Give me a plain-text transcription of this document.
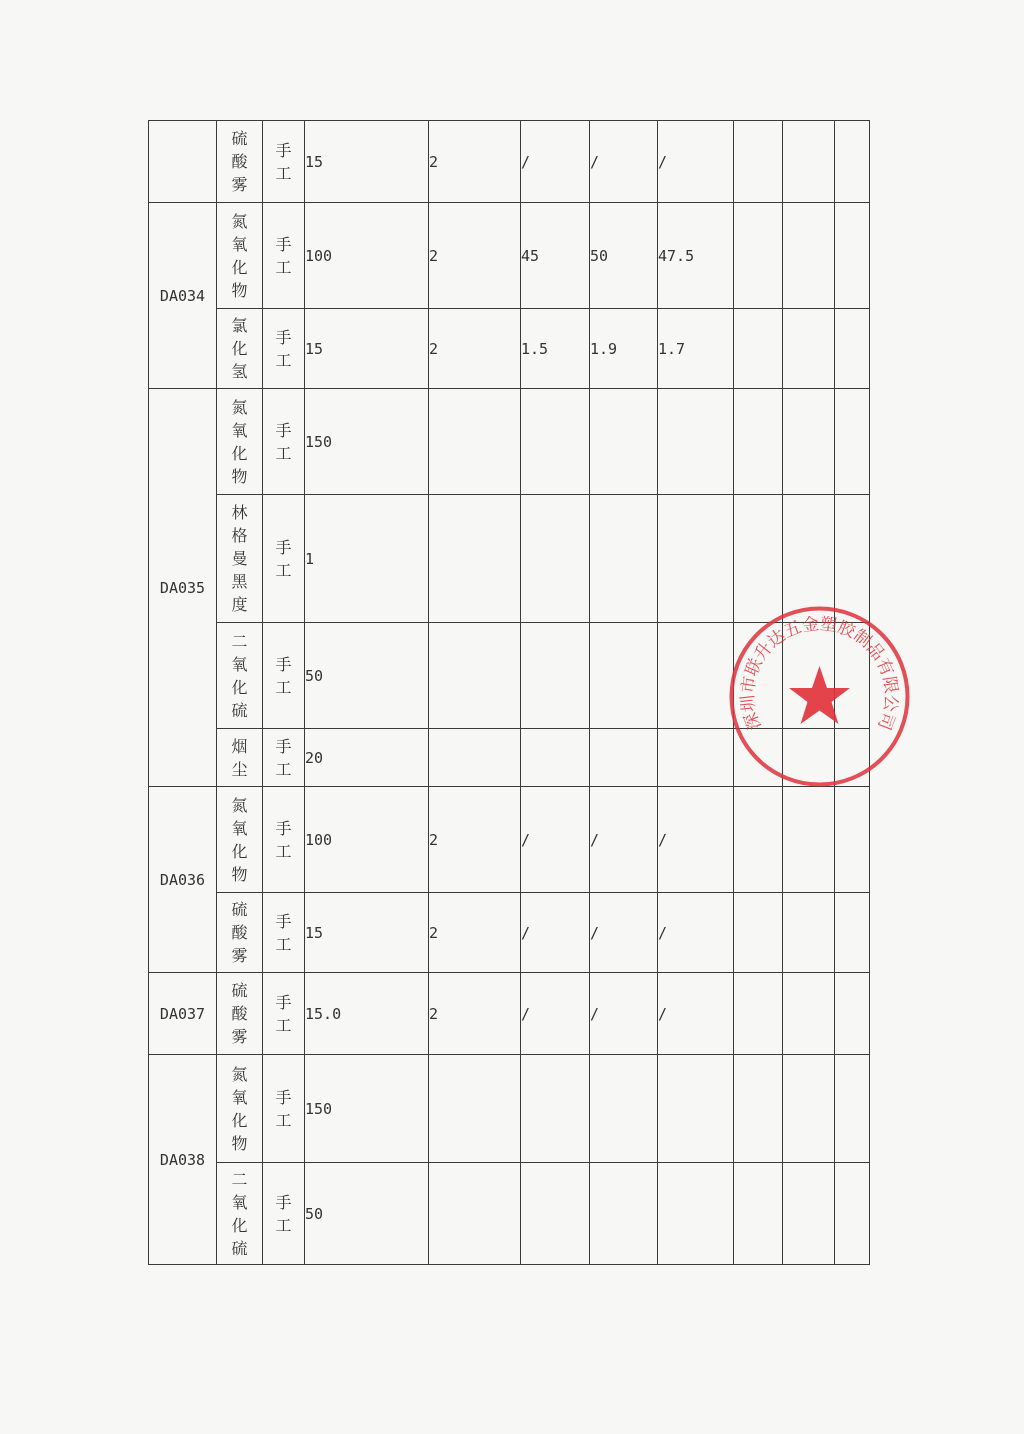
	硫酸雾	手工	15	2	/	/	/			
DA034	氮氧化物	手工	100	2	45	50	47.5			
	氯化氢	手工	15	2	1.5	1.9	1.7			
DA035	氮氧化物	手工	150							
	林格曼黑度	手工	1							
	二氧化硫	手工	50							
	烟尘	手工	20							
DA036	氮氧化物	手工	100	2	/	/	/			
	硫酸雾	手工	15	2	/	/	/			
DA037	硫酸雾	手工	15.0	2	/	/	/			
DA038	氮氧化物	手工	150							
	二氧化硫	手工	50							
深圳市联升达五金塑胶制品有限公司
